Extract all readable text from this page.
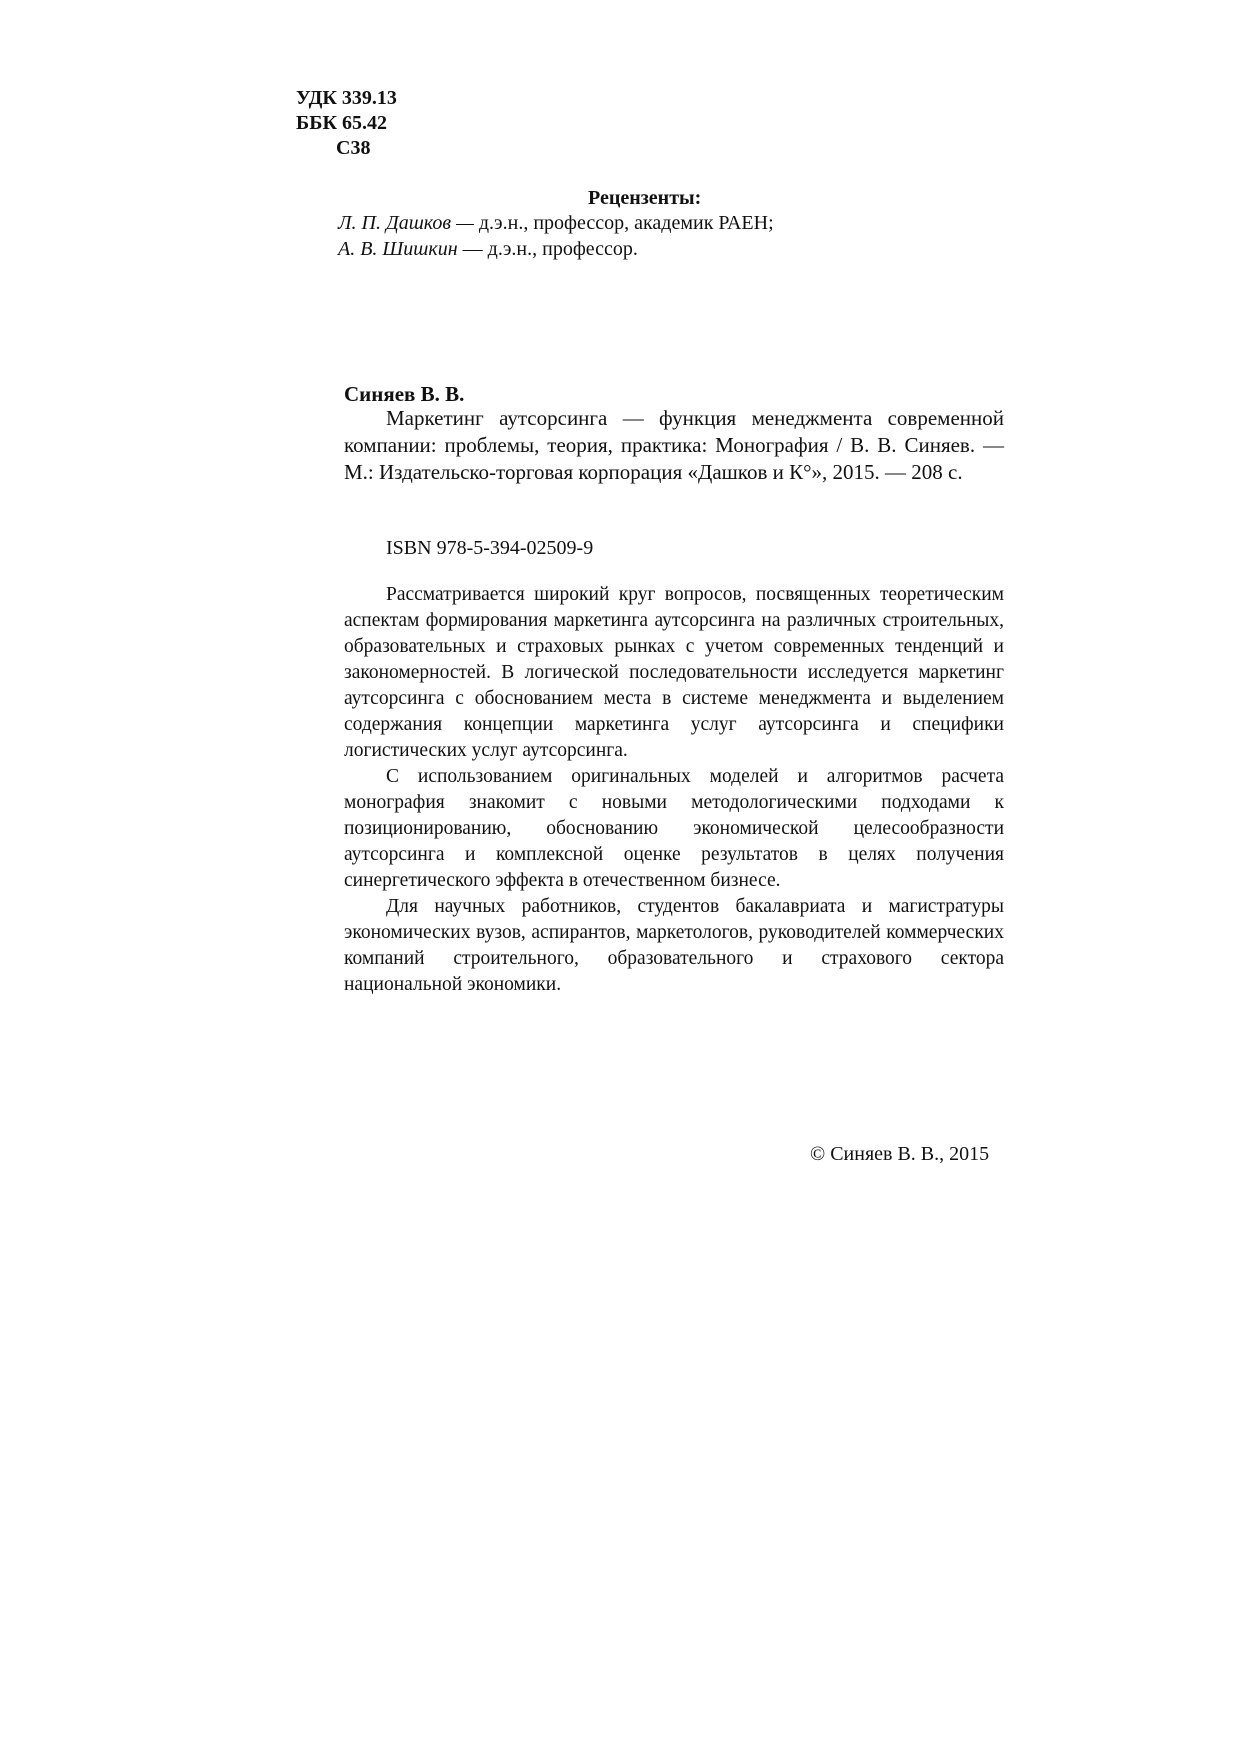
УДК 339.13
ББК 65.42
С38
Рецензенты:
Л. П. Дашков — д.э.н., профессор, академик РАЕН;
А. В. Шишкин — д.э.н., профессор.
Синяев В. В.

Маркетинг аутсорсинга — функция менеджмента современной компании: проблемы, теория, практика: Монография / В. В. Синяев. — М.: Издательско-торговая корпорация «Дашков и К°», 2015. — 208 с.

ISBN 978-5-394-02509-9

Рассматривается широкий круг вопросов, посвященных теоретическим аспектам формирования маркетинга аутсорсинга на различных строительных, образовательных и страховых рынках с учетом современных тенденций и закономерностей. В логической последовательности исследуется маркетинг аутсорсинга с обоснованием места в системе менеджмента и выделением содержания концепции маркетинга услуг аутсорсинга и специфики логистических услуг аутсорсинга.

С использованием оригинальных моделей и алгоритмов расчета монография знакомит с новыми методологическими подходами к позиционированию, обоснованию экономической целесообразности аутсорсинга и комплексной оценке результатов в целях получения синергетического эффекта в отечественном бизнесе.

Для научных работников, студентов бакалавриата и магистратуры экономических вузов, аспирантов, маркетологов, руководителей коммерческих компаний строительного, образовательного и страхового сектора национальной экономики.

© Синяев В. В., 2015
